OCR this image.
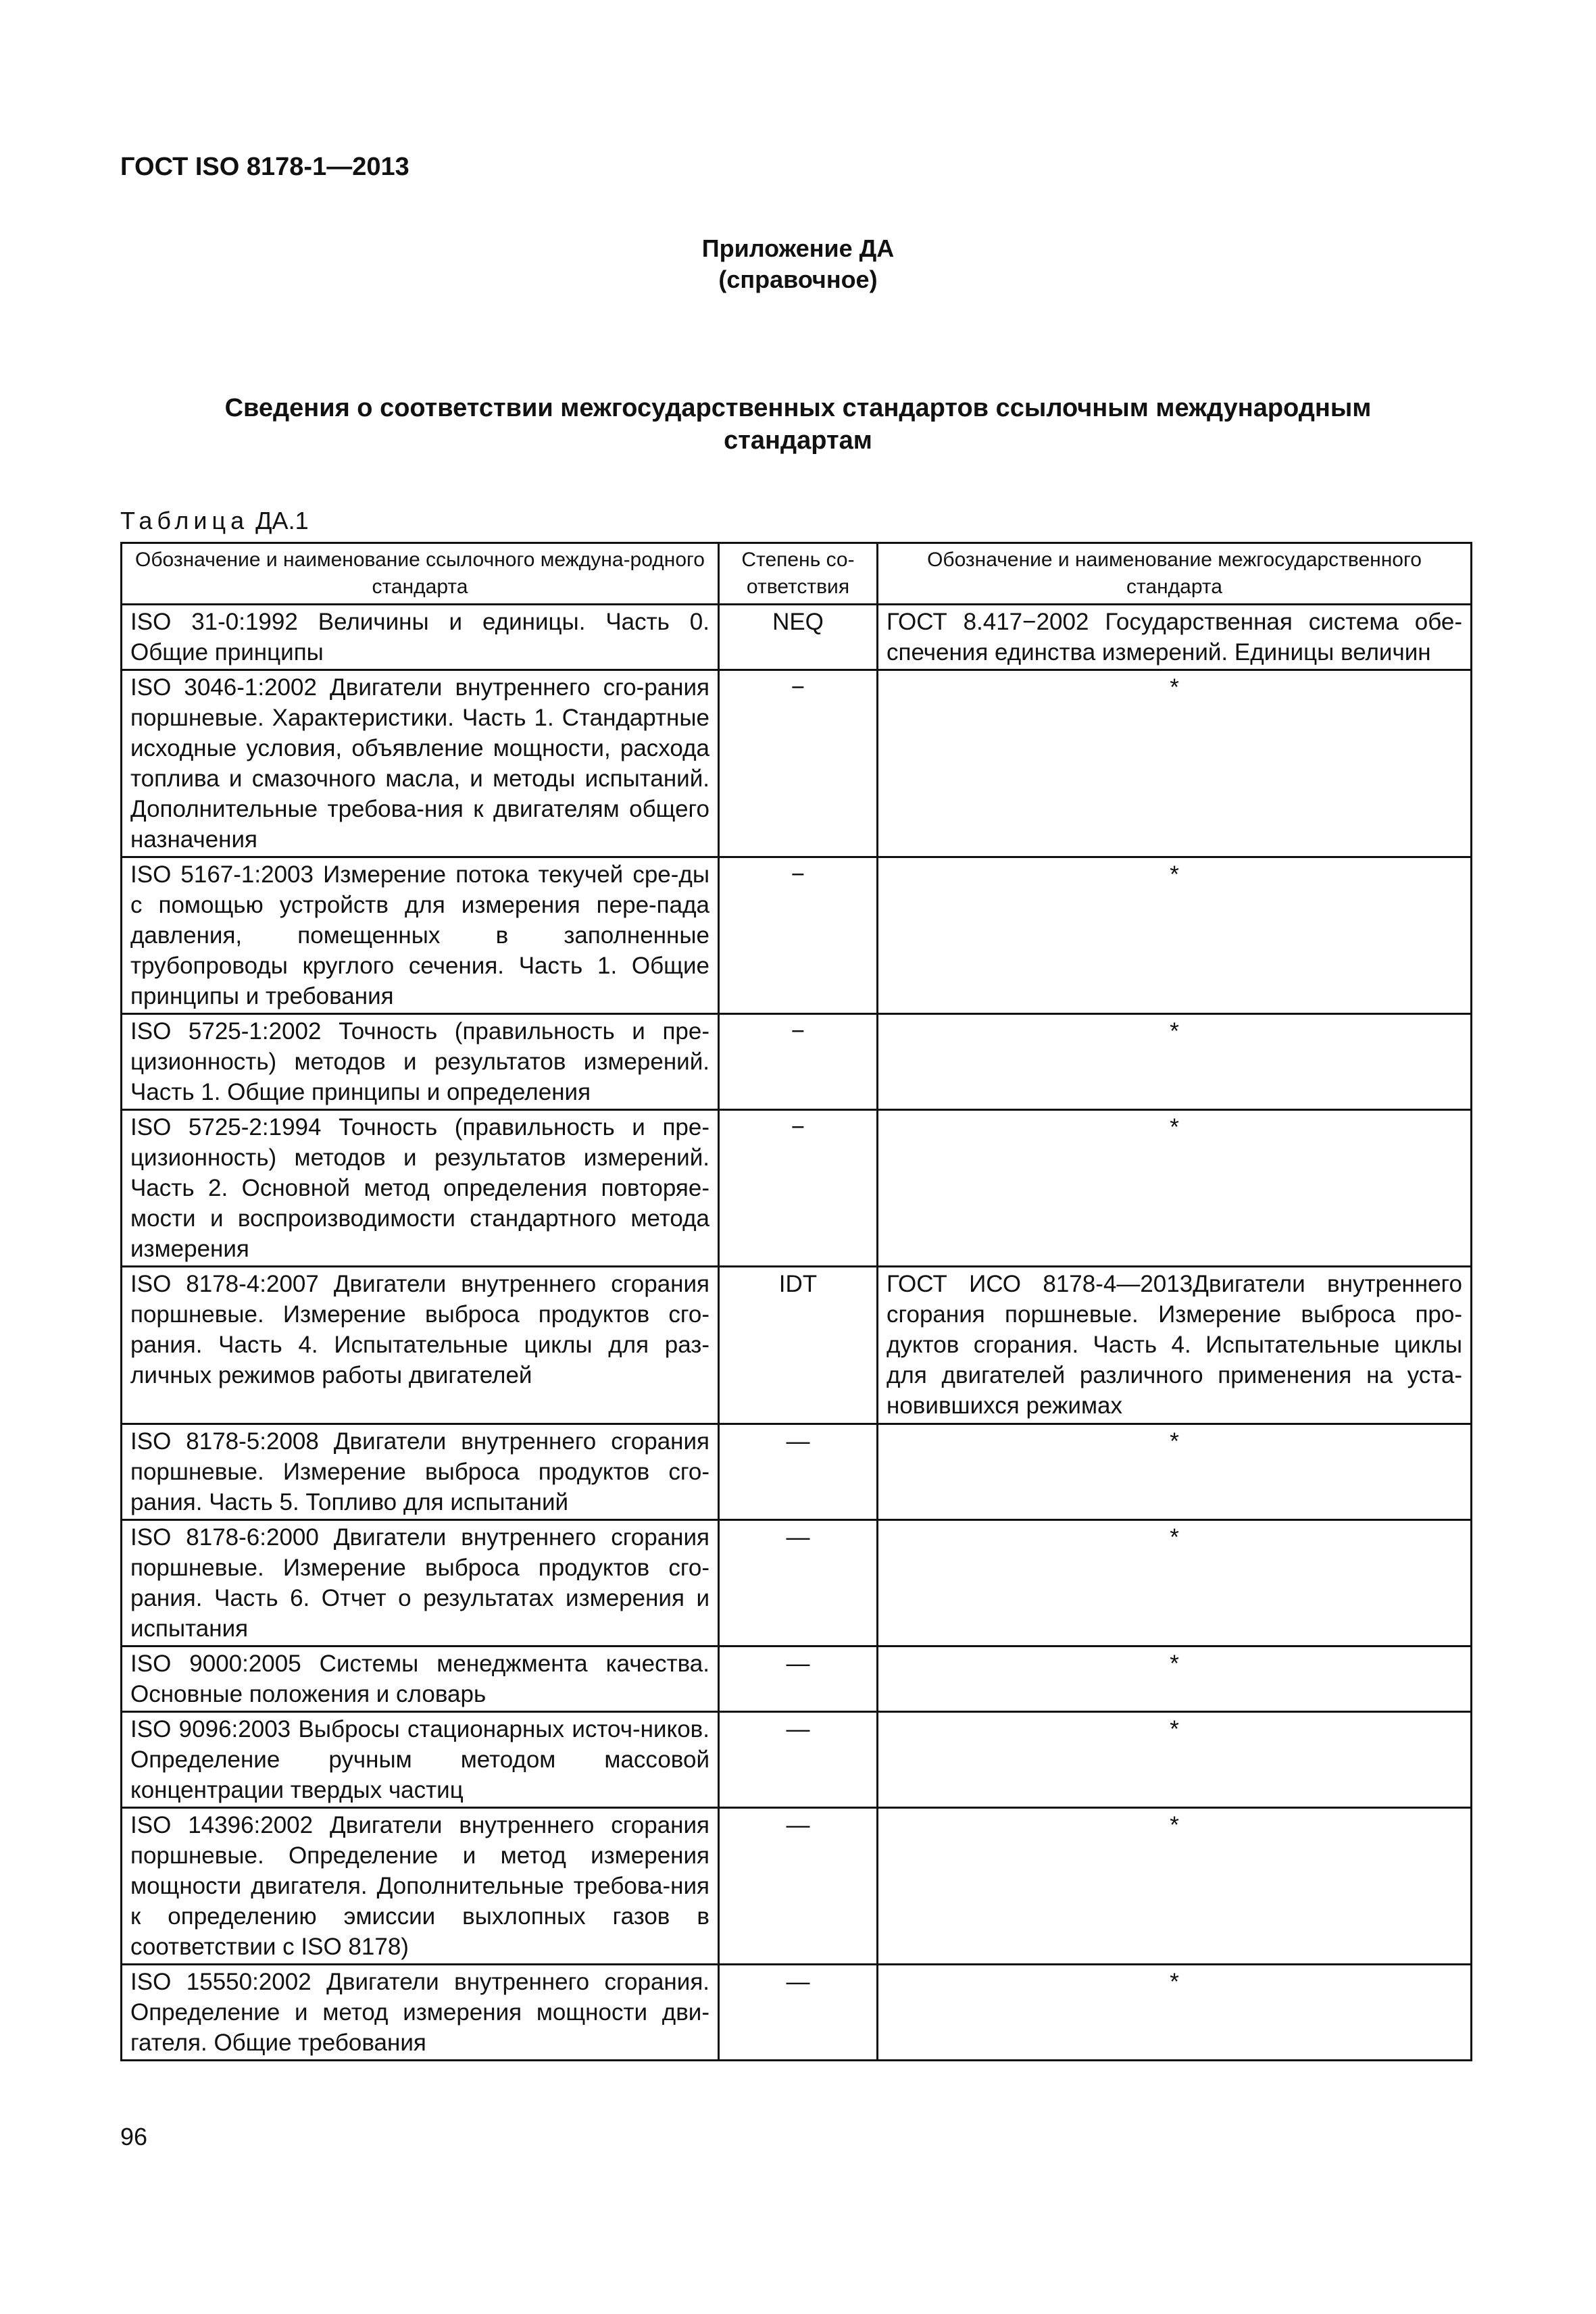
ГОСТ ISO 8178-1—2013
Приложение ДА
(справочное)
Сведения о соответствии межгосударственных стандартов ссылочным международным стандартам
Таблица ДА.1
Обозначение и наименование ссылочного междуна-родного стандарта	Степень со-ответствия	Обозначение и наименование межгосударственного стандарта
ISO 31-0:1992 Величины и единицы. Часть 0. Общие принципы	NEQ	ГОСТ 8.417−2002 Государственная система обе-спечения единства измерений. Единицы величин
ISO 3046-1:2002 Двигатели внутреннего сго-рания поршневые. Характеристики. Часть 1. Стандартные исходные условия, объявление мощности, расхода топлива и смазочного масла, и методы испытаний. Дополнительные требова-ния к двигателям общего назначения	−	*
ISO 5167-1:2003 Измерение потока текучей сре-ды с помощью устройств для измерения пере-пада давления, помещенных в заполненные трубопроводы круглого сечения. Часть 1. Общие принципы и требования	−	*
ISO 5725-1:2002 Точность (правильность и пре-цизионность) методов и результатов измерений. Часть 1. Общие принципы и определения	−	*
ISO 5725-2:1994 Точность (правильность и пре-цизионность) методов и результатов измерений. Часть 2. Основной метод определения повторяе-мости и воспроизводимости стандартного метода измерения	−	*
ISO 8178-4:2007 Двигатели внутреннего сгорания поршневые. Измерение выброса продуктов сго-рания. Часть 4. Испытательные циклы для раз-личных режимов работы двигателей	IDT	ГОСТ ИСО 8178-4—2013Двигатели внутреннего сгорания поршневые. Измерение выброса про-дуктов сгорания. Часть 4. Испытательные циклы для двигателей различного применения на уста-новившихся режимах
ISO 8178-5:2008 Двигатели внутреннего сгорания поршневые. Измерение выброса продуктов сго-рания. Часть 5. Топливо для испытаний	—	*
ISO 8178-6:2000 Двигатели внутреннего сгорания поршневые. Измерение выброса продуктов сго-рания. Часть 6. Отчет о результатах измерения и испытания	—	*
ISO 9000:2005 Системы менеджмента качества. Основные положения и словарь	—	*
ISO 9096:2003 Выбросы стационарных источ-ников. Определение ручным методом массовой концентрации твердых частиц	—	*
ISO 14396:2002 Двигатели внутреннего сгорания поршневые. Определение и метод измерения мощности двигателя. Дополнительные требова-ния к определению эмиссии выхлопных газов в соответствии с ISO 8178)	—	*
ISO 15550:2002 Двигатели внутреннего сгорания. Определение и метод измерения мощности дви-гателя. Общие требования	—	*
96
